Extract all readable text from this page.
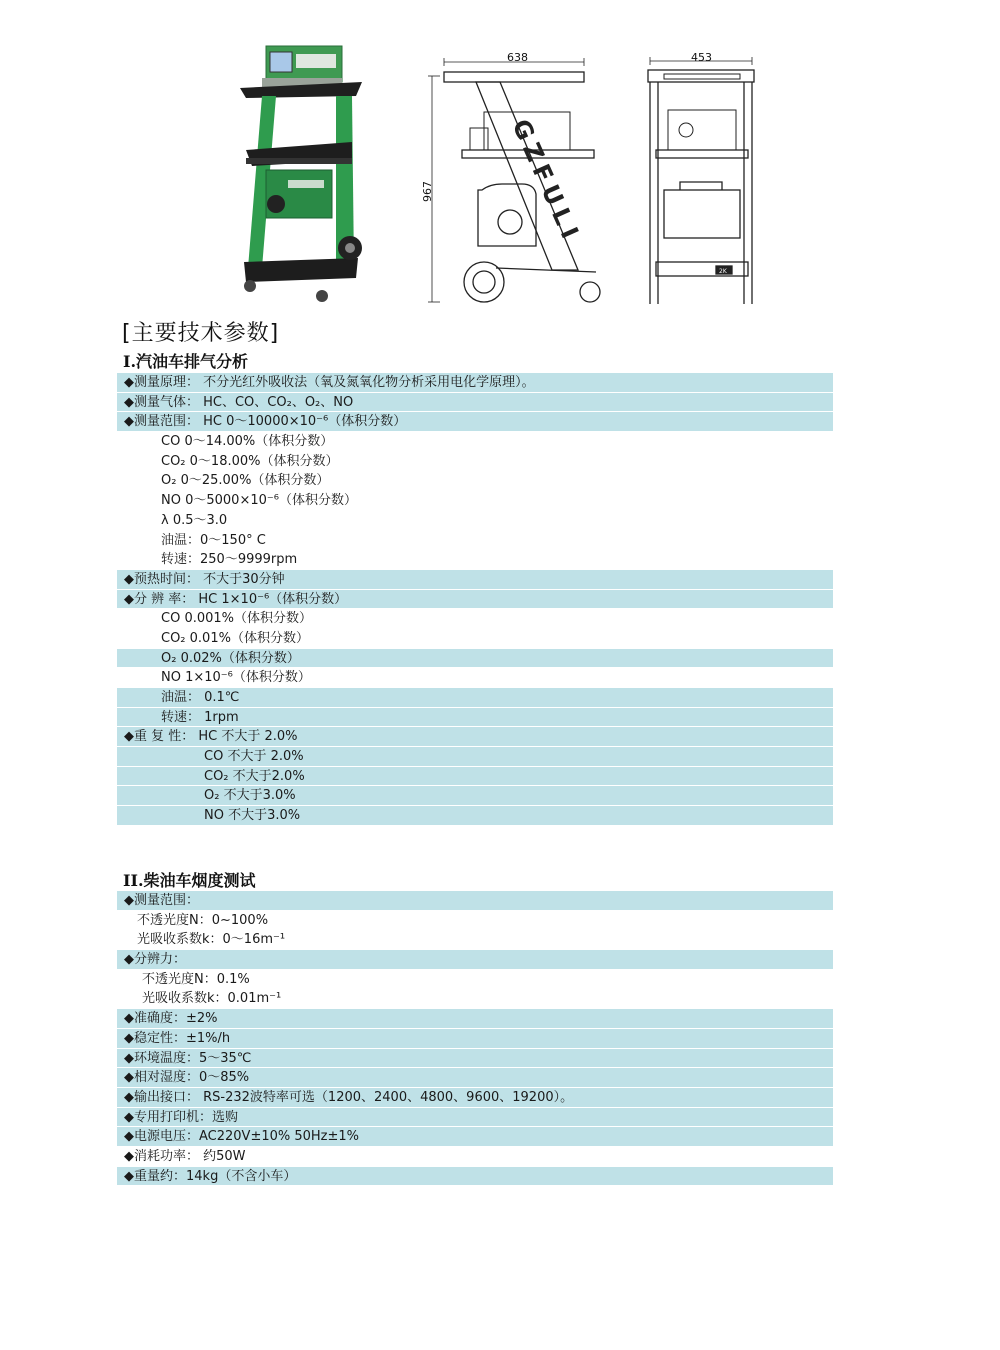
GZFULI
638
967
453
2K
[主要技术参数]
I.汽油车排气分析
◆测量原理： 不分光红外吸收法（氧及氮氧化物分析采用电化学原理）。
◆测量气体： HC、CO、CO₂、O₂、NO
◆测量范围： HC 0～10000×10⁻⁶（体积分数）
CO 0～14.00%（体积分数）
CO₂ 0～18.00%（体积分数）
O₂ 0～25.00%（体积分数）
NO 0～5000×10⁻⁶（体积分数）
λ 0.5～3.0
油温：0～150° C
转速：250～9999rpm
◆预热时间： 不大于30分钟
◆分 辨 率： HC 1×10⁻⁶（体积分数）
CO 0.001%（体积分数）
CO₂ 0.01%（体积分数）
O₂ 0.02%（体积分数）
NO 1×10⁻⁶（体积分数）
油温： 0.1℃
转速： 1rpm
◆重 复 性： HC 不大于 2.0%
CO 不大于 2.0%
CO₂ 不大于2.0%
O₂ 不大于3.0%
NO 不大于3.0%
II.柴油车烟度测试
◆测量范围：
不透光度N：0~100%
光吸收系数k：0～16m⁻¹
◆分辨力：
不透光度N：0.1%
光吸收系数k：0.01m⁻¹
◆准确度：±2%
◆稳定性：±1%/h
◆环境温度：5～35℃
◆相对湿度：0～85%
◆输出接口： RS-232波特率可选（1200、2400、4800、9600、19200）。
◆专用打印机：选购
◆电源电压：AC220V±10% 50Hz±1%
◆消耗功率： 约50W
◆重量约：14kg（不含小车）
